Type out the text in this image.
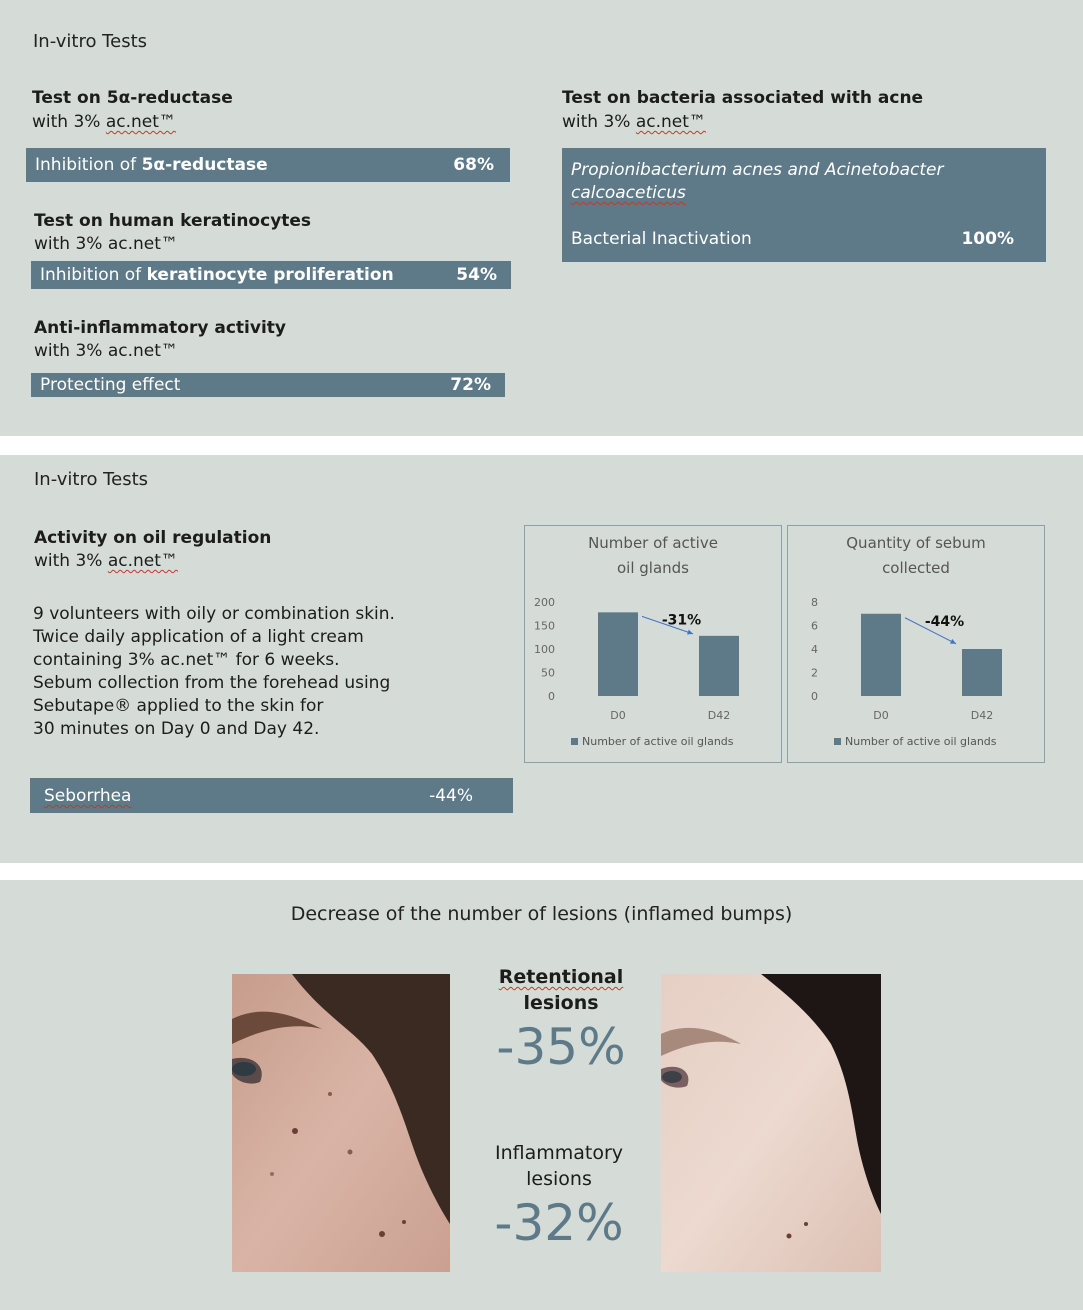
In-vitro Tests
Test on 5α-reductase
with 3% ac.net™
Inhibition of 5α-reductase	68%
Test on human keratinocytes
with 3% ac.net™
Inhibition of keratinocyte proliferation	54%
Anti-inflammatory activity
with 3% ac.net™
Protecting effect	72%
Test on bacteria associated with acne
with 3% ac.net™
Propionibacterium acnes and Acinetobacter
calcoaceticus
Bacterial Inactivation	100%
In-vitro Tests
Activity on oil regulation
with 3% ac.net™
9 volunteers with oily or combination skin.
Twice daily application of a light cream
containing 3% ac.net™ for 6 weeks.
Sebum collection from the forehead using
Sebutape® applied to the skin for
30 minutes on Day 0 and Day 42.
Seborrhea	-44%
Number of active
oil glands
200
150
100
50
0
D0	D42
-31%
Number of active oil glands
Quantity of sebum
collected
8
6
4
2
0
D0	D42
-44%
Number of active oil glands
Decrease of the number of lesions (inflamed bumps)
Retentional
lesions
-35%
Inflammatory
lesions
-32%
